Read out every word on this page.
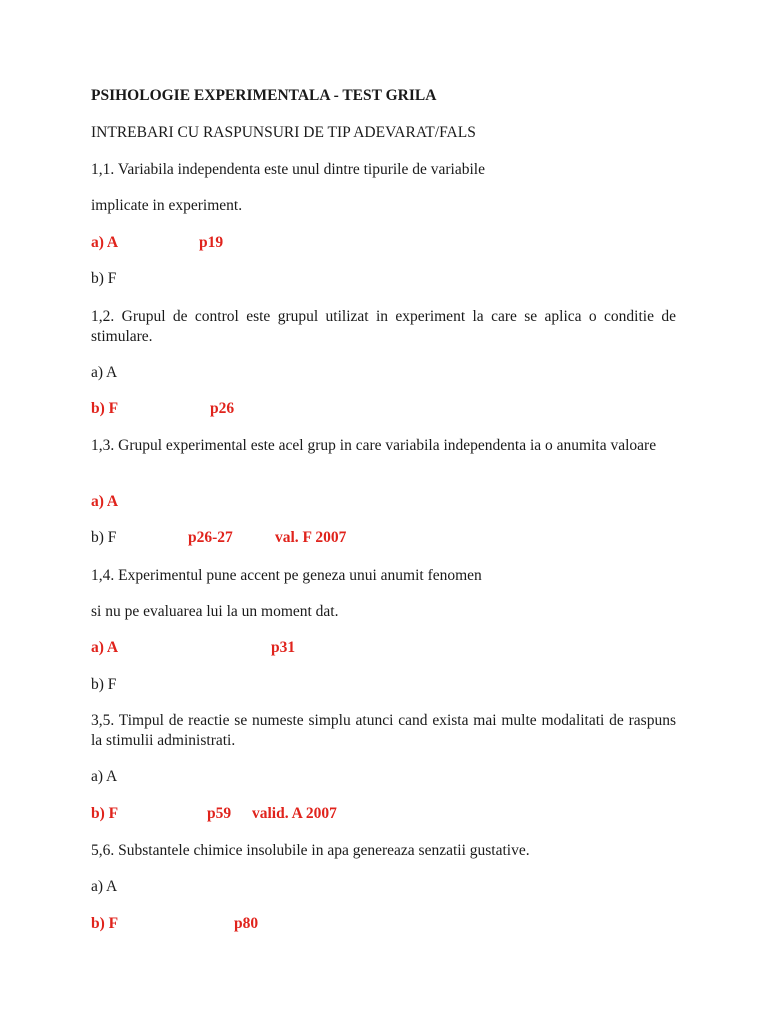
PSIHOLOGIE EXPERIMENTALA - TEST GRILA
INTREBARI CU RASPUNSURI DE TIP ADEVARAT/FALS
1,1. Variabila independenta este unul dintre tipurile de variabile
implicate in experiment.
a) A	p19
b) F
1,2. Grupul de control este grupul utilizat in experiment la care se aplica o conditie de stimulare.
a) A
b) F	p26
1,3. Grupul experimental este acel grup in care variabila independenta ia o anumita valoare
a) A
b) F	p26-27	val. F 2007
1,4. Experimentul pune accent pe geneza unui anumit fenomen
si nu pe evaluarea lui la un moment dat.
a) A	p31
b) F
3,5. Timpul de reactie se numeste simplu atunci cand exista mai multe modalitati de raspuns la stimulii administrati.
a) A
b) F	p59 valid. A 2007
5,6. Substantele chimice insolubile in apa genereaza senzatii gustative.
a) A
b) F	p80
